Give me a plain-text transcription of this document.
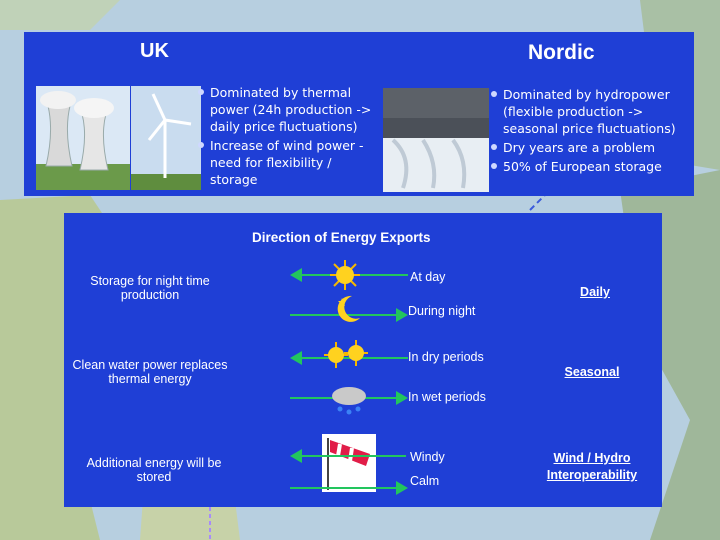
UK	Nordic
Dominated by thermal power (24h production -> daily price fluctuations)
Increase of wind power - need for flexibility / storage
Dominated by hydropower (flexible production -> seasonal price fluctuations)
Dry years are a problem
50% of European storage
Direction of Energy Exports
Storage for night time production
At day
During night
Daily
Clean water power replaces thermal energy
In dry periods
In wet periods
Seasonal
Additional energy will be stored
Windy
Calm
Wind / Hydro Interoperability
